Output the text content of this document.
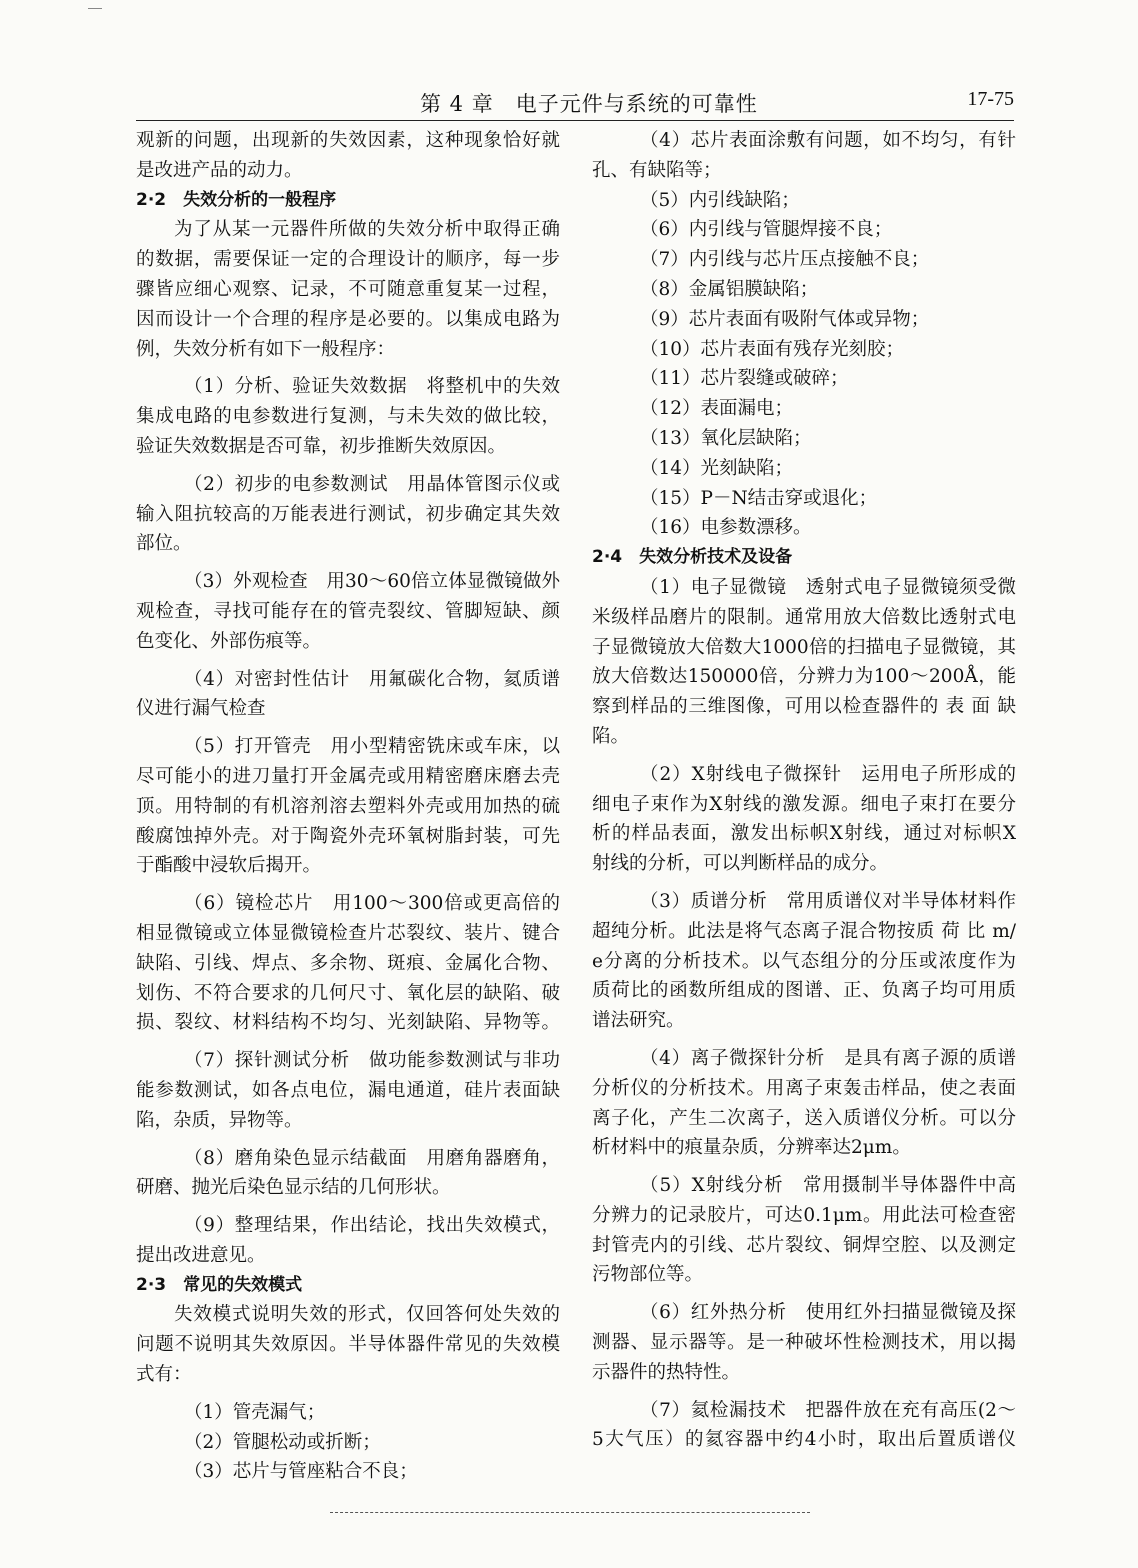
第 4 章　电子元件与系统的可靠性	17-75
观新的问题，出现新的失效因素，这种现象恰好就
是改进产品的动力。
2·2　失效分析的一般程序
为了从某一元器件所做的失效分析中取得正确
的数据，需要保证一定的合理设计的顺序，每一步
骤皆应细心观察、记录，不可随意重复某一过程，
因而设计一个合理的程序是必要的。以集成电路为
例，失效分析有如下一般程序：
（1）分析、验证失效数据　将整机中的失效
集成电路的电参数进行复测，与未失效的做比较，
验证失效数据是否可靠，初步推断失效原因。
（2）初步的电参数测试　用晶体管图示仪或
输入阻抗较高的万能表进行测试，初步确定其失效
部位。
（3）外观检查　用30～60倍立体显微镜做外
观检查，寻找可能存在的管壳裂纹、管脚短缺、颜
色变化、外部伤痕等。
（4）对密封性估计　用氟碳化合物，氦质谱
仪进行漏气检查
（5）打开管壳　用小型精密铣床或车床，以
尽可能小的进刀量打开金属壳或用精密磨床磨去壳
顶。用特制的有机溶剂溶去塑料外壳或用加热的硫
酸腐蚀掉外壳。对于陶瓷外壳环氧树脂封装，可先
于酯酸中浸软后揭开。
（6）镜检芯片　用100～300倍或更高倍的
相显微镜或立体显微镜检查片芯裂纹、装片、键合
缺陷、引线、焊点、多余物、斑痕、金属化合物、
划伤、不符合要求的几何尺寸、氧化层的缺陷、破
损、裂纹、材料结构不均匀、光刻缺陷、异物等。
（7）探针测试分析　做功能参数测试与非功
能参数测试，如各点电位，漏电通道，硅片表面缺
陷，杂质，异物等。
（8）磨角染色显示结截面　用磨角器磨角，
研磨、抛光后染色显示结的几何形状。
（9）整理结果，作出结论，找出失效模式，
提出改进意见。
2·3　常见的失效模式
失效模式说明失效的形式，仅回答何处失效的
问题不说明其失效原因。半导体器件常见的失效模
式有：
（1）管壳漏气；
（2）管腿松动或折断；
（3）芯片与管座粘合不良；
（4）芯片表面涂敷有问题，如不均匀，有针
孔、有缺陷等；
（5）内引线缺陷；
（6）内引线与管腿焊接不良；
（7）内引线与芯片压点接触不良；
（8）金属铝膜缺陷；
（9）芯片表面有吸附气体或异物；
（10）芯片表面有残存光刻胶；
（11）芯片裂缝或破碎；
（12）表面漏电；
（13）氧化层缺陷；
（14）光刻缺陷；
（15）P－N结击穿或退化；
（16）电参数漂移。
2·4　失效分析技术及设备
（1）电子显微镜　透射式电子显微镜须受微
米级样品磨片的限制。通常用放大倍数比透射式电
子显微镜放大倍数大1000倍的扫描电子显微镜，其
放大倍数达150000倍，分辨力为100～200Å，能
察到样品的三维图像，可用以检查器件的 表 面 缺
陷。
（2）X射线电子微探针　运用电子所形成的
细电子束作为X射线的激发源。细电子束打在要分
析的样品表面，激发出标帜X射线，通过对标帜X
射线的分析，可以判断样品的成分。
（3）质谱分析　常用质谱仪对半导体材料作
超纯分析。此法是将气态离子混合物按质 荷 比 m/
e分离的分析技术。以气态组分的分压或浓度作为
质荷比的函数所组成的图谱、正、负离子均可用质
谱法研究。
（4）离子微探针分析　是具有离子源的质谱
分析仪的分析技术。用离子束轰击样品，使之表面
离子化，产生二次离子，送入质谱仪分析。可以分
析材料中的痕量杂质，分辨率达2μm。
（5）X射线分析　常用摄制半导体器件中高
分辨力的记录胶片，可达0.1μm。用此法可检查密
封管壳内的引线、芯片裂纹、铜焊空腔、以及测定
污物部位等。
（6）红外热分析　使用红外扫描显微镜及探
测器、显示器等。是一种破坏性检测技术，用以揭
示器件的热特性。
（7）氦检漏技术　把器件放在充有高压(2～
5大气压）的氦容器中约4小时，取出后置质谱仪
